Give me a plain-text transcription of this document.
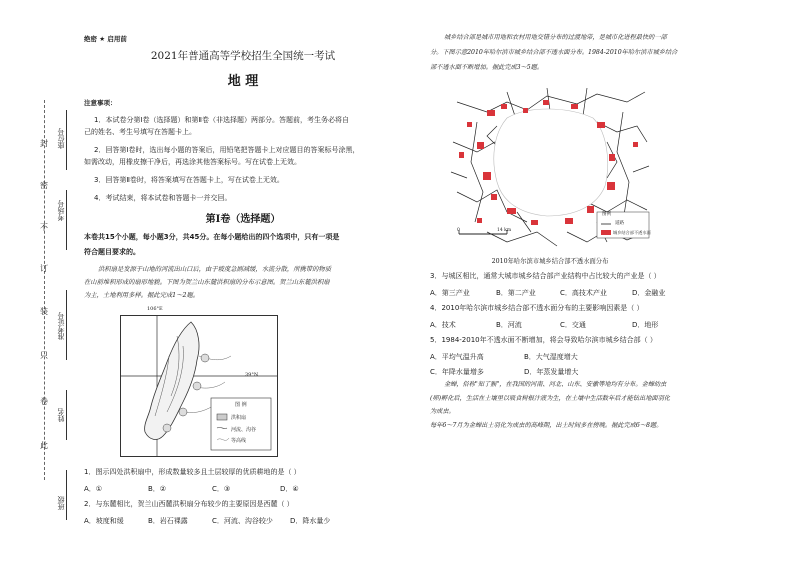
封
密
不
订
装
只
卷
此
座位号
考场号
准考证号
姓名
班级
绝密 ★ 启用前
2021年普通高等学校招生全国统一考试
地 理
注意事项：

1．本试卷分第Ⅰ卷（选择题）和第Ⅱ卷（非选择题）两部分。答题前，考生务必将自

己的姓名、考生号填写在答题卡上。

2．回答第Ⅰ卷时，选出每小题的答案后，用铅笔把答题卡上对应题目的答案标号涂黑，

如需改动，用橡皮擦干净后，再选涂其他答案标号。写在试卷上无效。

3．回答第Ⅱ卷时，将答案填写在答题卡上，写在试卷上无效。

4．考试结束，将本试卷和答题卡一并交回。

第Ⅰ卷（选择题）
本卷共15个小题，每小题3分，共45分。在每小题给出的四个选项中，只有一项是
符合题目要求的。

洪积扇是发源于山地的河流出山口后，由于坡度急剧减缓，水流分散，所携带的物质

在山前堆积形成的扇形地貌。下图为贺兰山东麓洪积扇的分布示意图。贺兰山东麓洪积扇

为主，土地利用多样。据此完成1～2题。

106°E
39°N
图 例
洪积扇
河流、沟谷
等高线
1．图示四处洪积扇中，形成数量较多且土层较厚的优质耕地的是（ ）
A．①	B．②	C．③	D．④
2．与东麓相比，贺兰山西麓洪积扇分布较少的主要原因是西麓（ ）
A．坡度和缓	B．岩石裸露	C．河流、沟谷较少 D．降水量少

城乡结合部是城市用地和农村用地交错分布的过渡地带，是城市化进程最快的一部

分。下图示意2010年哈尔滨市城乡结合部不透水面分布。1984-2010年哈尔滨市城乡结合

部不透水面不断增加。据此完成3～5题。

图例
道路
城乡结合部不透水面
0	14 km
2010年哈尔滨市城乡结合部不透水面分布
3．与城区相比，通常大城市城乡结合部产业结构中占比较大的产业是（ ）
A．第三产业	B．第二产业	C．高技术产业	D．金融业
4．2010年哈尔滨市城乡结合部不透水面分布的主要影响因素是（ ）
A．技术	B．河流	C．交通	D．地形
5．1984-2010年不透水面不断增加，将会导致哈尔滨市城乡结合部（ ）
A．平均气温升高	B．大气湿度增大
C．年降水量增多	D．年蒸发量增大

金蝉，俗称"知了猴"，在我国的河南、河北、山东、安徽等地均有分布。金蝉幼虫

(卵)孵化后，生活在土壤里以吸食树根汁液为生，在土壤中生活数年后才能钻出地面羽化

为成虫。

每年6～7月为金蝉出土羽化为成虫的高峰期，出土时间多在傍晚。据此完成6～8题。
